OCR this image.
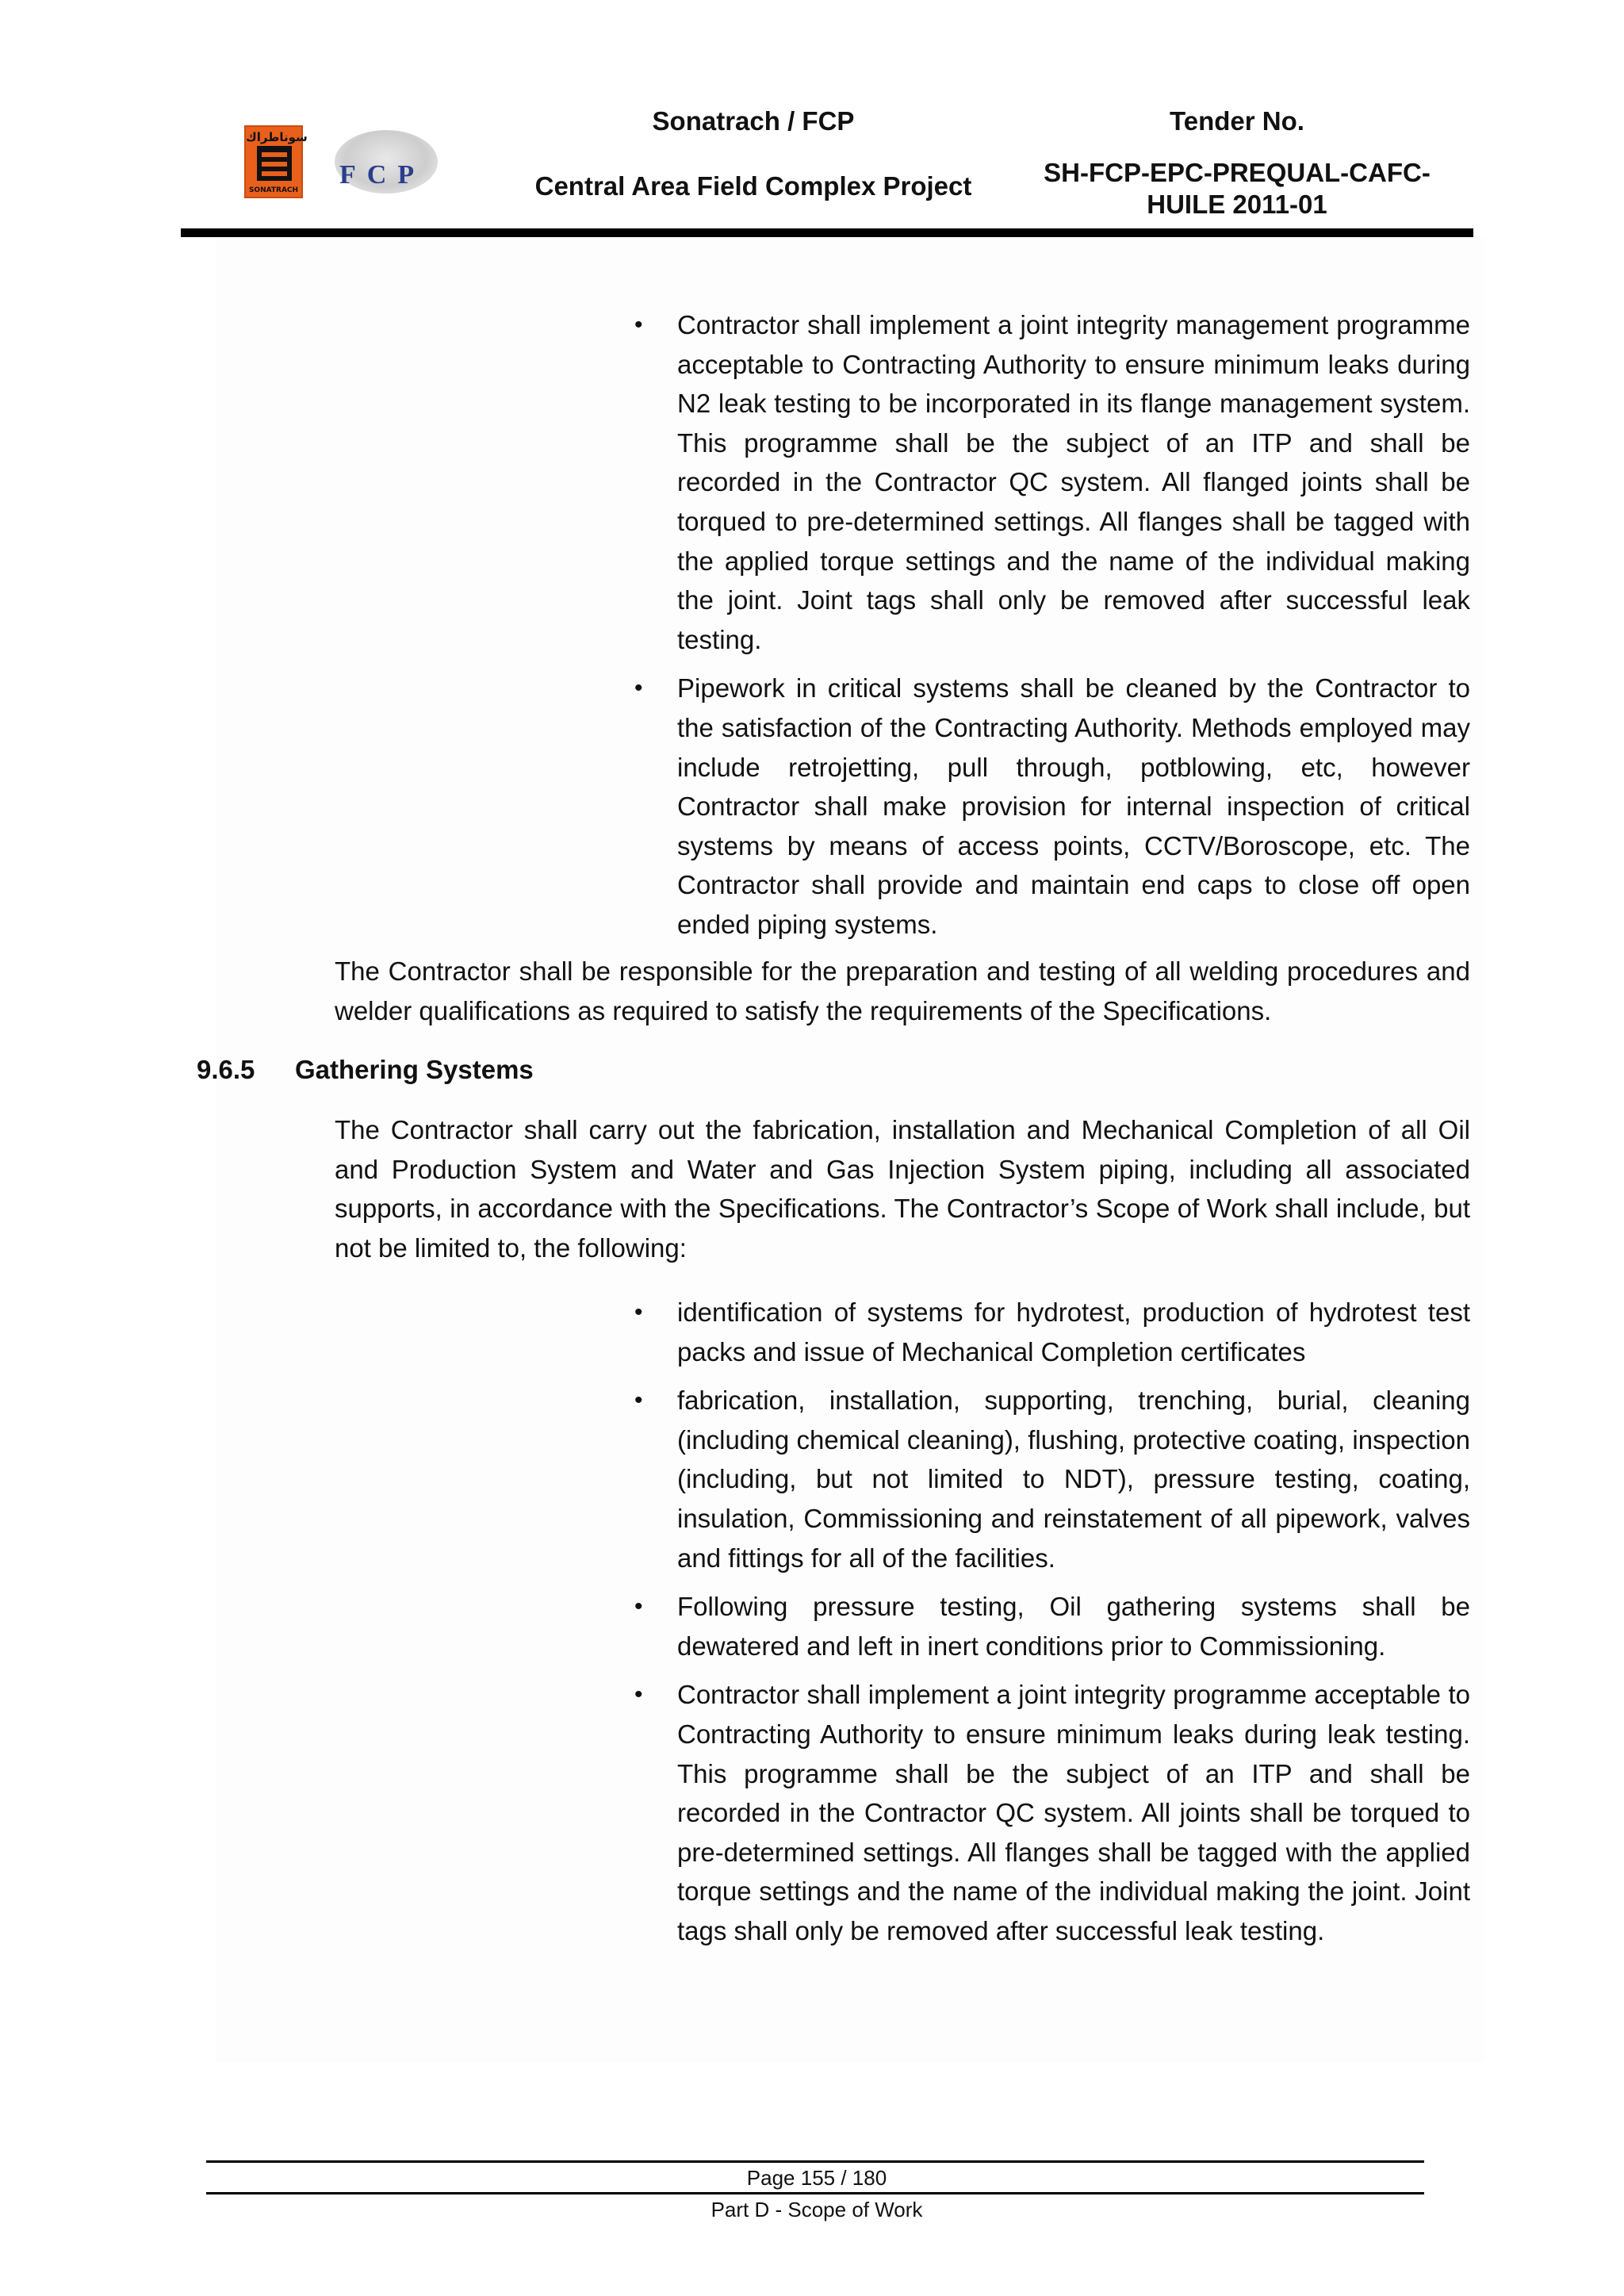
سوناطراك
SONATRACH
FCP
Sonatrach / FCP
Central Area Field Complex Project
Tender No.
SH-FCP-EPC-PREQUAL-CAFC-HUILE 2011-01
•	Contractor shall implement a joint integrity management programme acceptable to Contracting Authority to ensure minimum leaks during N2 leak testing to be incorporated in its flange management system. This programme shall be the subject of an ITP and shall be recorded in the Contractor QC system. All flanged joints shall be torqued to pre-determined settings. All flanges shall be tagged with the applied torque settings and the name of the individual making the joint. Joint tags shall only be removed after successful leak testing.
•	Pipework in critical systems shall be cleaned by the Contractor to the satisfaction of the Contracting Authority. Methods employed may include retrojetting, pull through, potblowing, etc, however Contractor shall make provision for internal inspection of critical systems by means of access points, CCTV/Boroscope, etc. The Contractor shall provide and maintain end caps to close off open ended piping systems.

The Contractor shall be responsible for the preparation and testing of all welding procedures and welder qualifications as required to satisfy the requirements of the Specifications.

9.6.5 Gathering Systems

The Contractor shall carry out the fabrication, installation and Mechanical Completion of all Oil and Production System and Water and Gas Injection System piping, including all associated supports, in accordance with the Specifications. The Contractor’s Scope of Work shall include, but not be limited to, the following:

•	identification of systems for hydrotest, production of hydrotest test packs and issue of Mechanical Completion certificates
•	fabrication, installation, supporting, trenching, burial, cleaning (including chemical cleaning), flushing, protective coating, inspection (including, but not limited to NDT), pressure testing, coating, insulation, Commissioning and reinstatement of all pipework, valves and fittings for all of the facilities.
•	Following pressure testing, Oil gathering systems shall be dewatered and left in inert conditions prior to Commissioning.
•	Contractor shall implement a joint integrity programme acceptable to Contracting Authority to ensure minimum leaks during leak testing. This programme shall be the subject of an ITP and shall be recorded in the Contractor QC system. All joints shall be torqued to pre-determined settings. All flanges shall be tagged with the applied torque settings and the name of the individual making the joint. Joint tags shall only be removed after successful leak testing.
Page 155 / 180
Part D - Scope of Work
